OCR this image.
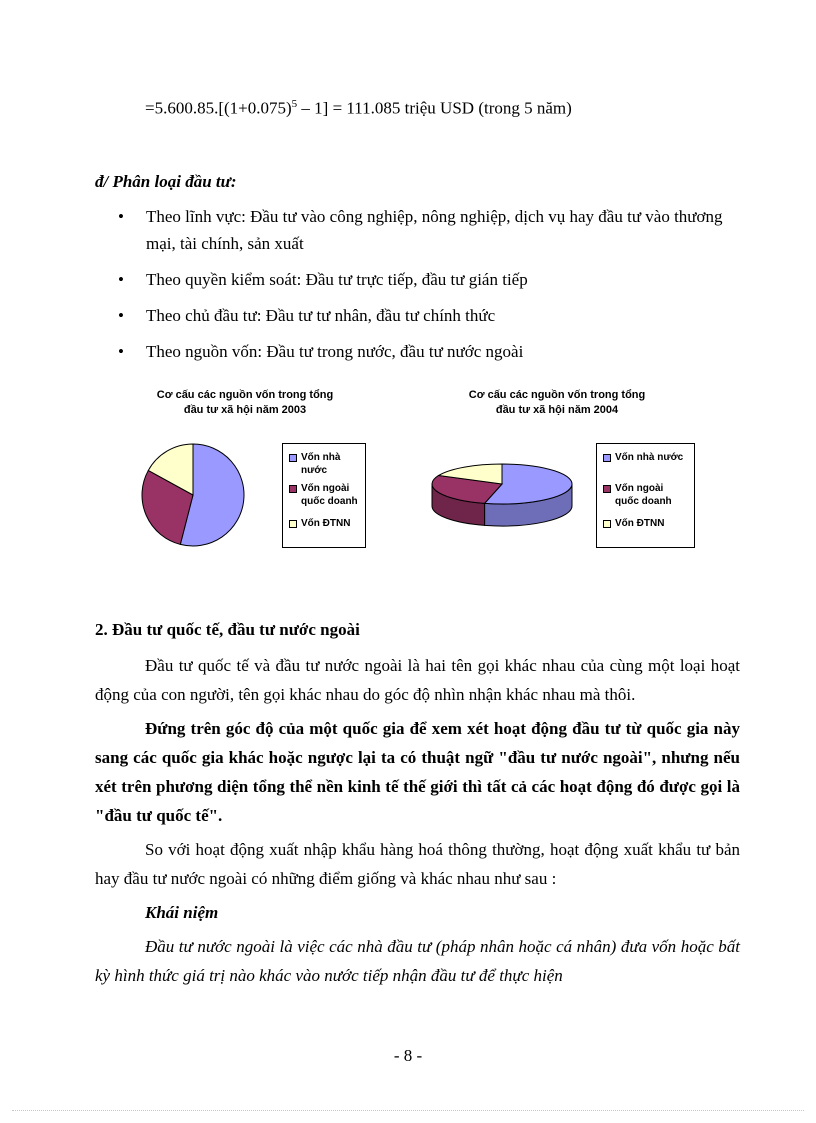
$=5.600.85.[(1+0.075)^5 - 1] = 111.085$ triệu USD (trong 5 năm)
đ/ Phân loại đầu tư:
• Theo lĩnh vực: Đầu tư vào công nghiệp, nông nghiệp, dịch vụ hay đầu tư vào thương mại, tài chính, sản xuất
• Theo quyền kiểm soát: Đầu tư trực tiếp, đầu tư gián tiếp
• Theo chủ đầu tư: Đầu tư tư nhân, đầu tư chính thức
• Theo nguồn vốn: Đầu tư trong nước, đầu tư nước ngoài
Cơ cấu các nguồn vốn trong tổng
đầu tư xã hội năm 2003
Vốn nhà nước
Vốn ngoài
quốc doanh
Vốn ĐTNN
Cơ cấu các nguồn vốn trong tổng
đầu tư xã hội năm 2004
Vốn nhà nước
Vốn ngoài
quốc doanh
Vốn ĐTNN
2. Đầu tư quốc tế, đầu tư nước ngoài

Đầu tư quốc tế và đầu tư nước ngoài là hai tên gọi khác nhau của cùng một loại hoạt động của con người, tên gọi khác nhau do góc độ nhìn nhận khác nhau mà thôi.

Đứng trên góc độ của một quốc gia để xem xét hoạt động đầu tư từ quốc gia này sang các quốc gia khác hoặc ngược lại ta có thuật ngữ "đầu tư nước ngoài", nhưng nếu xét trên phương diện tổng thể nền kinh tế thế giới thì tất cả các hoạt động đó được gọi là "đầu tư quốc tế".

So với hoạt động xuất nhập khẩu hàng hoá thông thường, hoạt động xuất khẩu tư bản hay đầu tư nước ngoài có những điểm giống và khác nhau như sau :

Khái niệm

Đầu tư nước ngoài là việc các nhà đầu tư (pháp nhân hoặc cá nhân) đưa vốn hoặc bất kỳ hình thức giá trị nào khác vào nước tiếp nhận đầu tư để thực hiện

- 8 -
